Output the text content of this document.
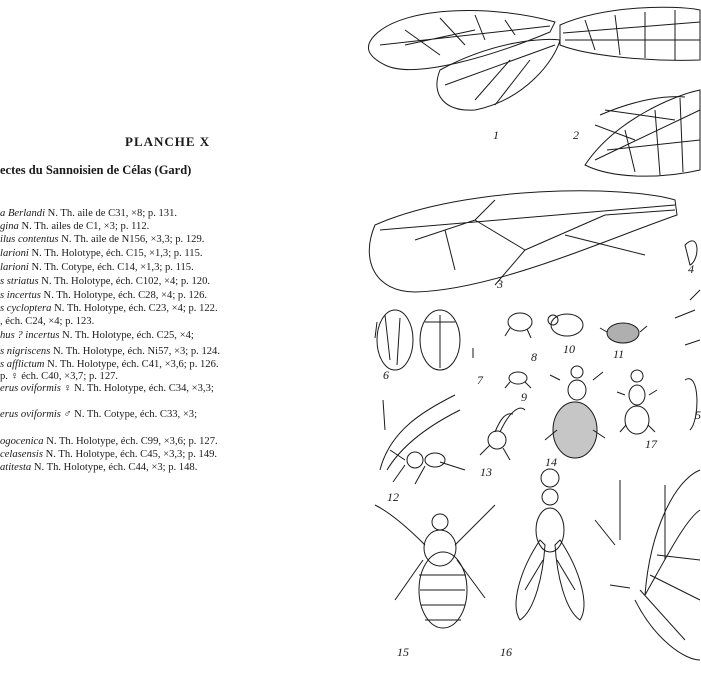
PLANCHE X
ectes du Sannoisien de Célas (Gard)
a Berlandi N. Th. aile de C31, ×8; p. 131.
gina N. Th. ailes de C1, ×3; p. 112.
ilus contentus N. Th. aile de N156, ×3,3; p. 129.
larioni N. Th. Holotype, éch. C15, ×1,3; p. 115.
larioni N. Th. Cotype, éch. C14, ×1,3; p. 115.
s striatus N. Th. Holotype, éch. C102, ×4; p. 120.
s incertus N. Th. Holotype, éch. C28, ×4; p. 126.
s cycloptera N. Th. Holotype, éch. C23, ×4; p. 122.
, éch. C24, ×4; p. 123.
hus ? incertus N. Th. Holotype, éch. C25, ×4;
s nigriscens N. Th. Holotype, éch. Ni57, ×3; p. 124.
s afflictum N. Th. Holotype, éch. C41, ×3,6; p. 126.
p. ♀ éch. C40, ×3,7; p. 127.
erus oviformis ♀ N. Th. Holotype, éch. C34, ×3,3;
erus oviformis ♂ N. Th. Cotype, éch. C33, ×3;
ogocenica N. Th. Holotype, éch. C99, ×3,6; p. 127.
celasensis N. Th. Holotype, éch. C45, ×3,3; p. 149.
atitesta N. Th. Holotype, éch. C44, ×3; p. 148.
1	2
3
4
5
6	7
8
9
10	11
12
13
14
15	16
17
